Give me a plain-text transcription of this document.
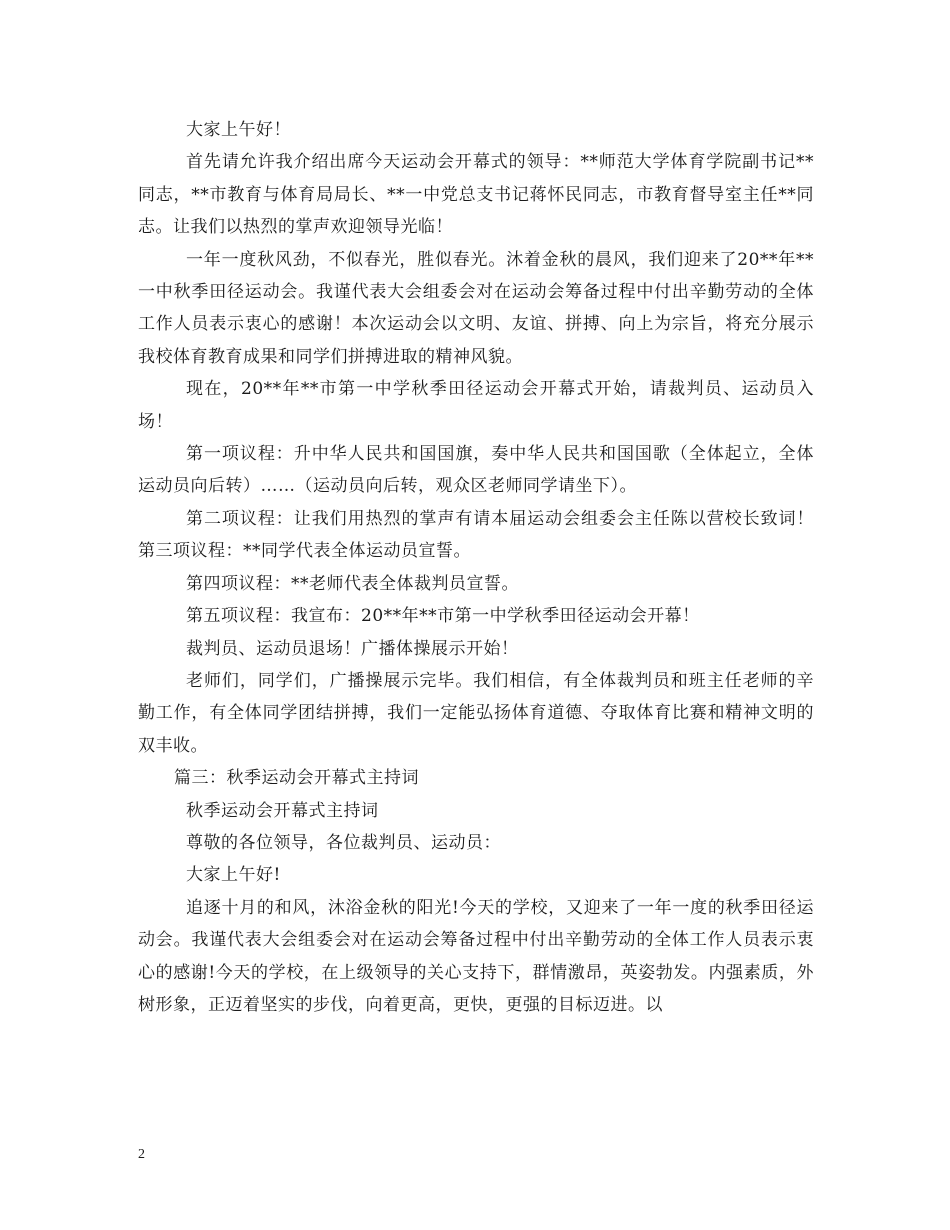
大家上午好！

首先请允许我介绍出席今天运动会开幕式的领导：**师范大学体育学院副书记**同志，**市教育与体育局局长、**一中党总支书记蒋怀民同志，市教育督导室主任**同志。让我们以热烈的掌声欢迎领导光临！

一年一度秋风劲，不似春光，胜似春光。沐着金秋的晨风，我们迎来了20**年**一中秋季田径运动会。我谨代表大会组委会对在运动会筹备过程中付出辛勤劳动的全体工作人员表示衷心的感谢！本次运动会以文明、友谊、拼搏、向上为宗旨，将充分展示我校体育教育成果和同学们拼搏进取的精神风貌。

现在，20**年**市第一中学秋季田径运动会开幕式开始，请裁判员、运动员入场！

第一项议程：升中华人民共和国国旗，奏中华人民共和国国歌（全体起立，全体运动员向后转）……（运动员向后转，观众区老师同学请坐下）。

第二项议程：让我们用热烈的掌声有请本届运动会组委会主任陈以营校长致词！ 第三项议程：**同学代表全体运动员宣誓。

第四项议程：**老师代表全体裁判员宣誓。

第五项议程：我宣布：20**年**市第一中学秋季田径运动会开幕！

裁判员、运动员退场！广播体操展示开始！

老师们，同学们，广播操展示完毕。我们相信，有全体裁判员和班主任老师的辛勤工作，有全体同学团结拼搏，我们一定能弘扬体育道德、夺取体育比赛和精神文明的双丰收。

篇三：秋季运动会开幕式主持词

秋季运动会开幕式主持词

尊敬的各位领导，各位裁判员、运动员：

大家上午好!

追逐十月的和风，沐浴金秋的阳光!今天的学校，又迎来了一年一度的秋季田径运动会。我谨代表大会组委会对在运动会筹备过程中付出辛勤劳动的全体工作人员表示衷心的感谢!今天的学校，在上级领导的关心支持下，群情激昂，英姿勃发。内强素质，外树形象，正迈着坚实的步伐，向着更高，更快，更强的目标迈进。以

2
